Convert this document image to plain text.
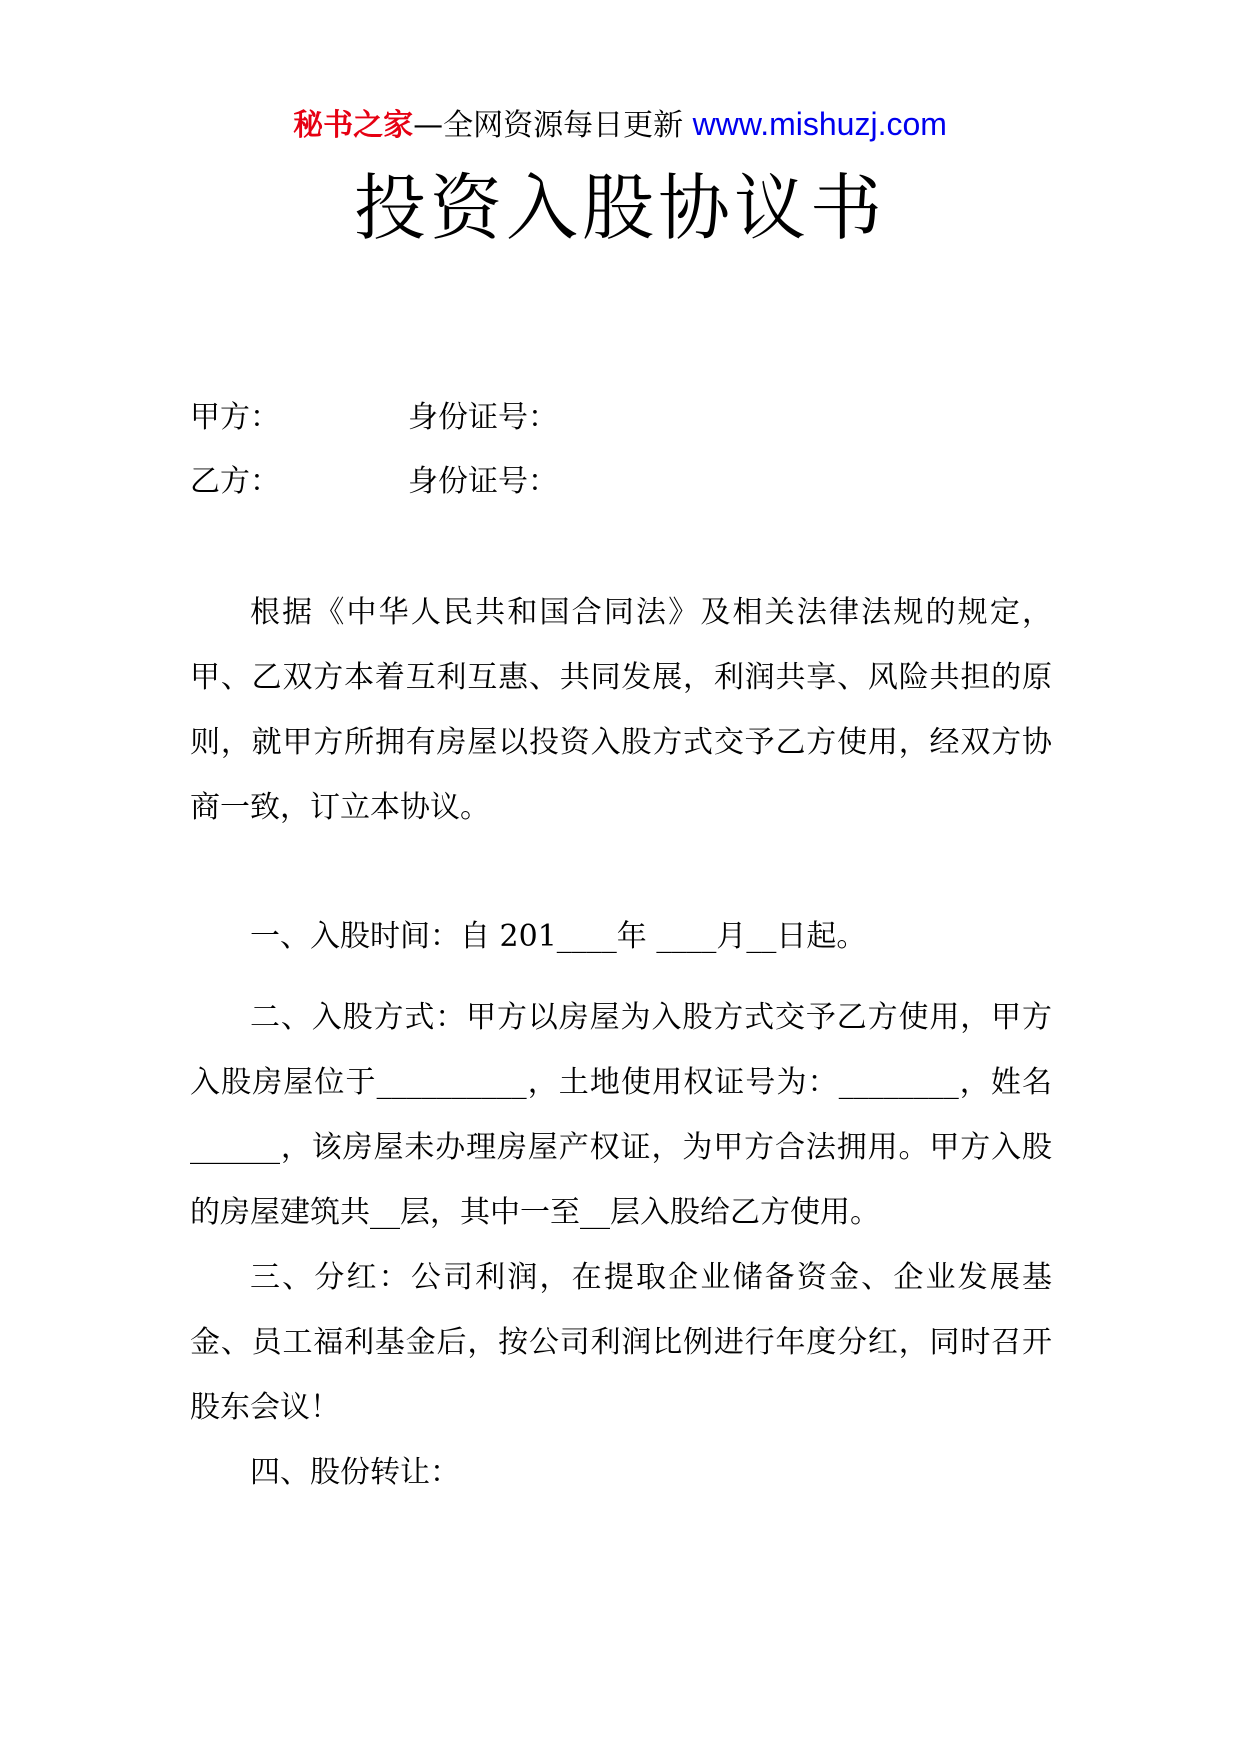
秘书之家—全网资源每日更新 www.mishuzj.com
投资入股协议书
甲方：	身份证号：
乙方：	身份证号：

根据《中华人民共和国合同法》及相关法律法规的规定，甲、乙双方本着互利互惠、共同发展，利润共享、风险共担的原则，就甲方所拥有房屋以投资入股方式交予乙方使用，经双方协商一致，订立本协议。

一、入股时间：自 201____年 ____月__日起。

二、入股方式：甲方以房屋为入股方式交予乙方使用，甲方入股房屋位于__________，土地使用权证号为：________，姓名______，该房屋未办理房屋产权证，为甲方合法拥用。甲方入股的房屋建筑共__层，其中一至__层入股给乙方使用。

三、分红：公司利润，在提取企业储备资金、企业发展基金、员工福利基金后，按公司利润比例进行年度分红，同时召开股东会议！

四、股份转让：
